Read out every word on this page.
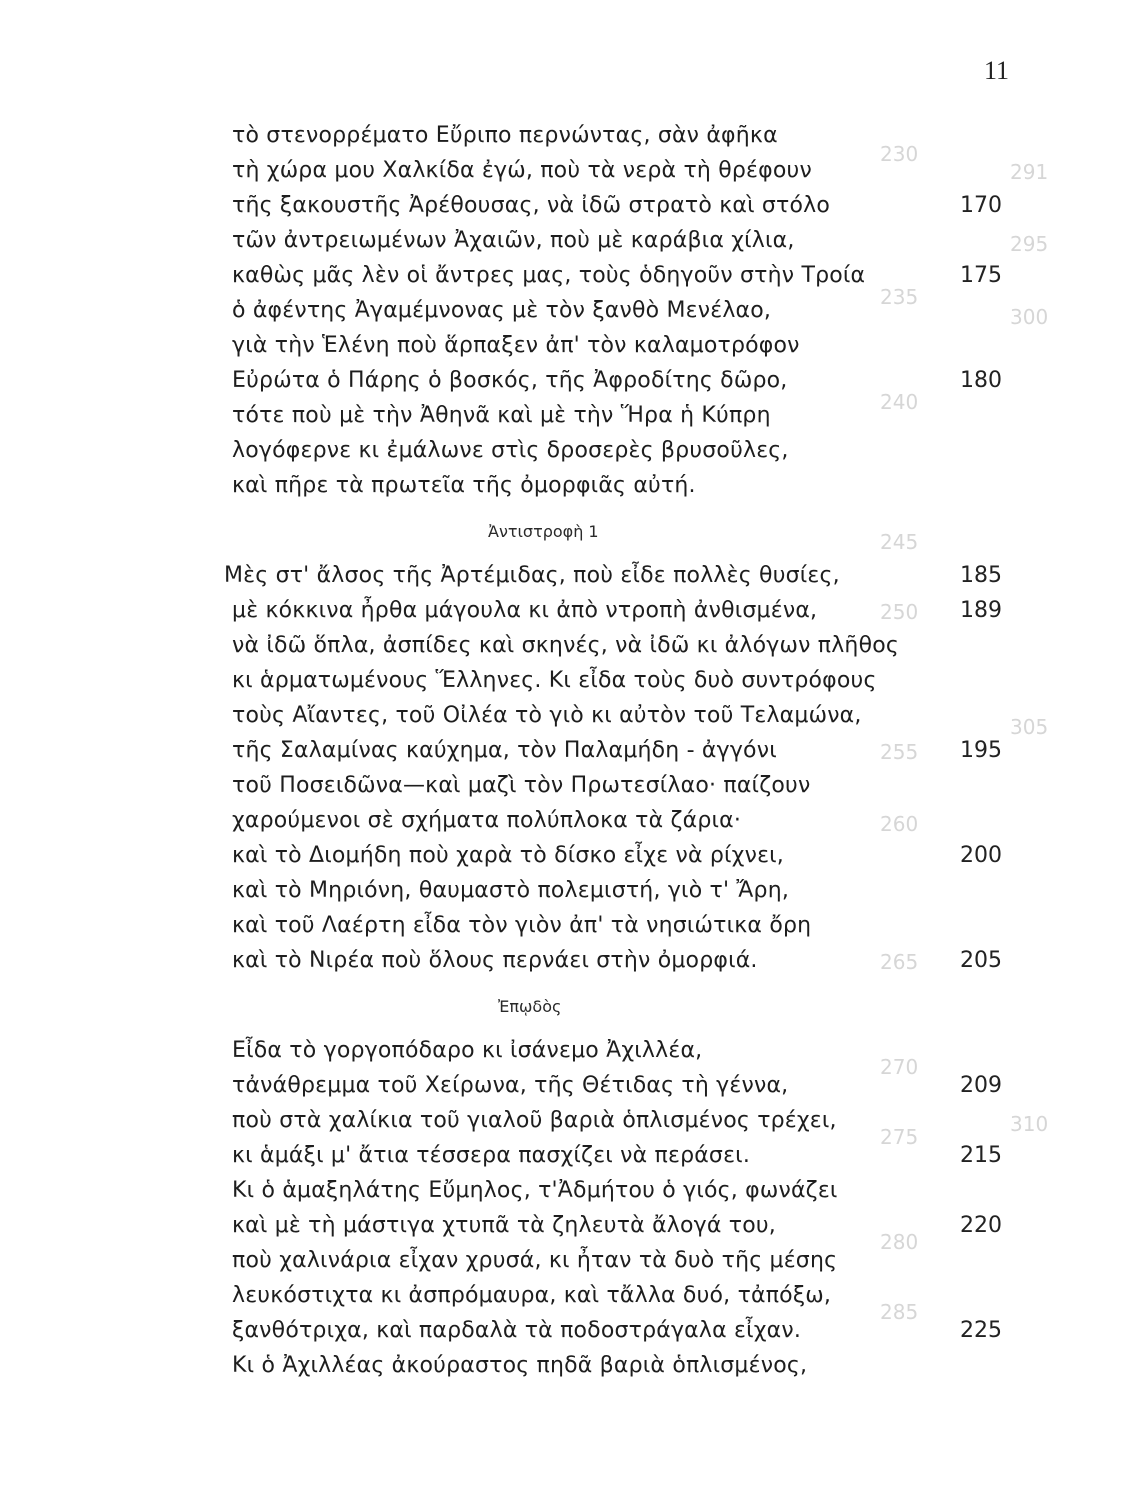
230
291
295
235
300
240
245
250
305
255
260
265
270
310
275
280
285
11
τὸ στενορρέματο Εὔριπο περνώντας, σὰν ἀφῆκα
τὴ χώρα μου Χαλκίδα ἐγώ, ποὺ τὰ νερὰ τὴ θρέφουν
τῆς ξακουστῆς Ἀρέθουσας, νὰ ἰδῶ στρατὸ καὶ στόλο	170
τῶν ἀντρειωμένων Ἀχαιῶν, ποὺ μὲ καράβια χίλια,
καθὼς μᾶς λὲν οἱ ἄντρες μας, τοὺς ὁδηγοῦν στὴν Τροία	175
ὁ ἀφέντης Ἀγαμέμνονας μὲ τὸν ξανθὸ Μενέλαο,
γιὰ τὴν Ἑλένη ποὺ ἅρπαξεν ἀπ' τὸν καλαμοτρόφον
Εὐρώτα ὁ Πάρης ὁ βοσκός, τῆς Ἀφροδίτης δῶρο,	180
τότε ποὺ μὲ τὴν Ἀθηνᾶ καὶ μὲ τὴν Ἥρα ἡ Κύπρη
λογόφερνε κι ἐμάλωνε στὶς δροσερὲς βρυσοῦλες,
καὶ πῆρε τὰ πρωτεῖα τῆς ὀμορφιᾶς αὐτή.
Ἀντιστροφὴ 1
Μὲς στ' ἄλσος τῆς Ἀρτέμιδας, ποὺ εἶδε πολλὲς θυσίες,	185
μὲ κόκκινα ἦρθα μάγουλα κι ἀπὸ ντροπὴ ἀνθισμένα,	189
νὰ ἰδῶ ὅπλα, ἀσπίδες καὶ σκηνές, νὰ ἰδῶ κι ἀλόγων πλῆθος
κι ἁρματωμένους Ἕλληνες. Κι εἶδα τοὺς δυὸ συντρόφους
τοὺς Αἴαντες, τοῦ Οἰλέα τὸ γιὸ κι αὐτὸν τοῦ Τελαμώνα,
τῆς Σαλαμίνας καύχημα, τὸν Παλαμήδη - ἀγγόνι	195
τοῦ Ποσειδῶνα—καὶ μαζὶ τὸν Πρωτεσίλαο· παίζουν
χαρούμενοι σὲ σχήματα πολύπλοκα τὰ ζάρια·
καὶ τὸ Διομήδη ποὺ χαρὰ τὸ δίσκο εἶχε νὰ ρίχνει,	200
καὶ τὸ Μηριόνη, θαυμαστὸ πολεμιστή, γιὸ τ' Ἄρη,
καὶ τοῦ Λαέρτη εἶδα τὸν γιὸν ἀπ' τὰ νησιώτικα ὄρη
καὶ τὸ Νιρέα ποὺ ὅλους περνάει στὴν ὀμορφιά.	205
Ἐπῳδὸς
Εἶδα τὸ γοργοπόδαρο κι ἰσάνεμο Ἀχιλλέα,
τἀνάθρεμμα τοῦ Χείρωνα, τῆς Θέτιδας τὴ γέννα,	209
ποὺ στὰ χαλίκια τοῦ γιαλοῦ βαριὰ ὁπλισμένος τρέχει,
κι ἁμάξι μ' ἄτια τέσσερα πασχίζει νὰ περάσει.	215
Κι ὁ ἁμαξηλάτης Εὔμηλος, τ'Ἀδμήτου ὁ γιός, φωνάζει
καὶ μὲ τὴ μάστιγα χτυπᾶ τὰ ζηλευτὰ ἄλογά του,	220
ποὺ χαλινάρια εἶχαν χρυσά, κι ἦταν τὰ δυὸ τῆς μέσης
λευκόστιχτα κι ἀσπρόμαυρα, καὶ τἄλλα δυό, τἀπόξω,
ξανθότριχα, καὶ παρδαλὰ τὰ ποδοστράγαλα εἶχαν.	225
Κι ὁ Ἀχιλλέας ἀκούραστος πηδᾶ βαριὰ ὁπλισμένος,
